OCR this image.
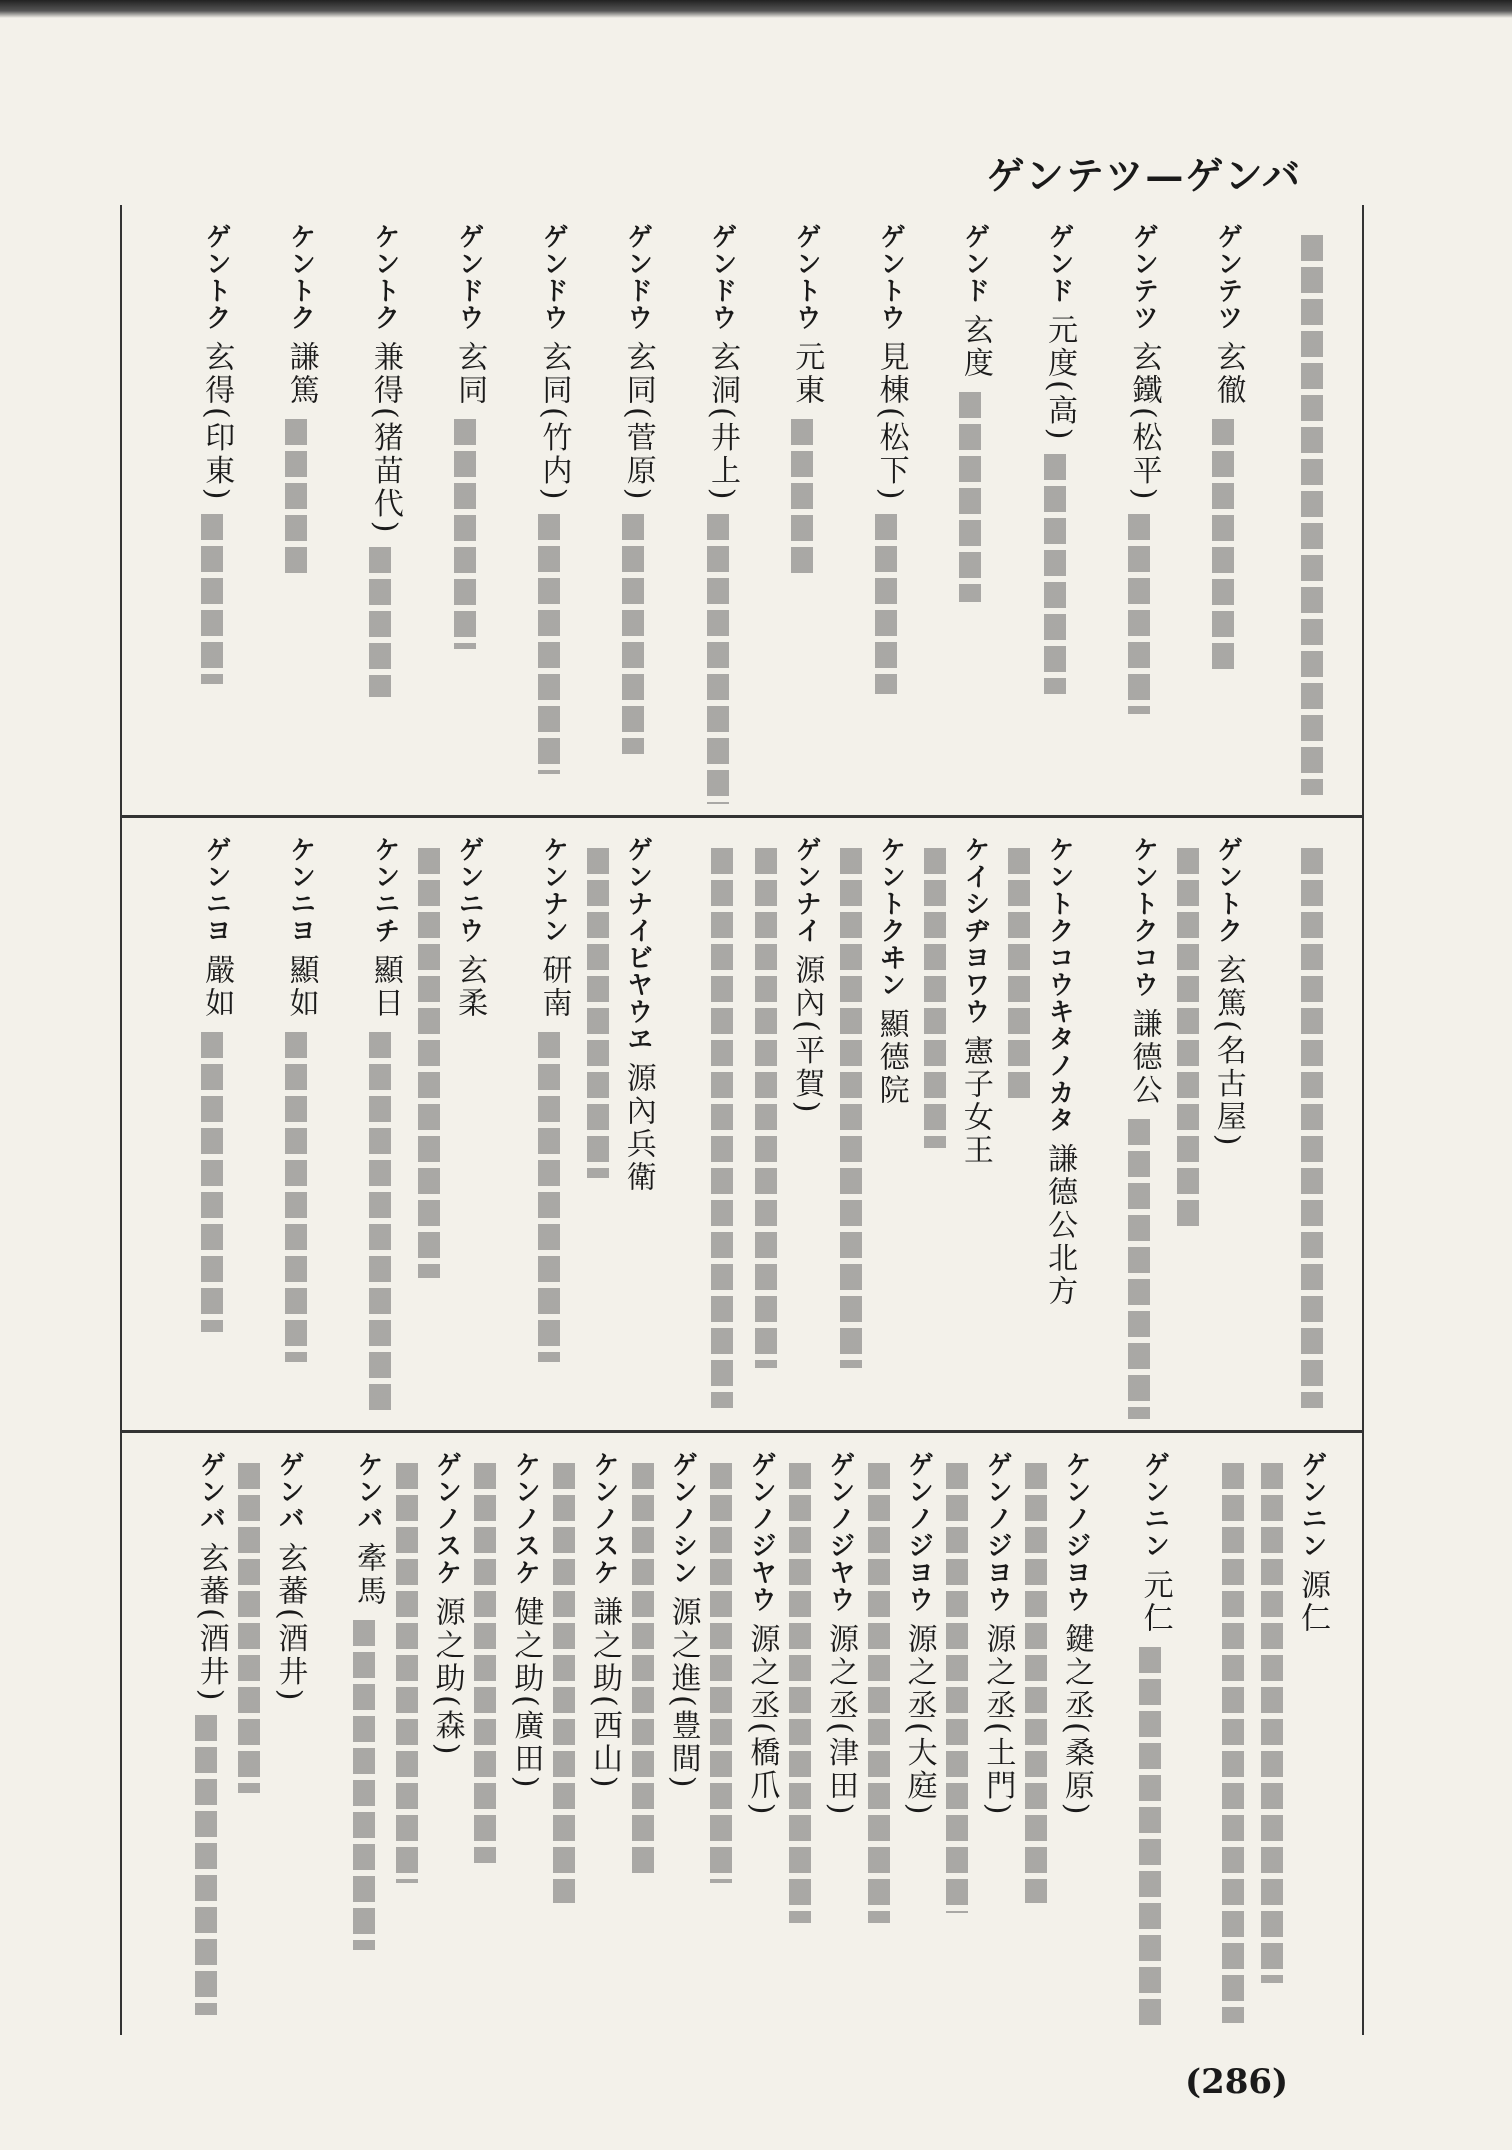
ゲンテツ—ゲンバ
ゲンテツ玄徹
ゲンテツ玄鐵(松平)
ゲンド元度(高)
ゲンド玄度
ゲントウ見棟(松下)
ゲントウ元東
ゲンドウ玄洞(井上)
ゲンドウ玄同(菅原)
ゲンドウ玄同(竹内)
ゲンドウ玄同
ケントク兼得(猪苗代)
ケントク謙篤
ゲントク玄得(印東)
ゲントク玄篤(名古屋)
ケントクコウ謙德公
ケントクコウキタノカタ謙德公北方
ケイシヂヨワウ憲子女王
ケントクヰン顯德院
ゲンナイ源內(平賀)
ゲンナイビヤウヱ源內兵衛
ケンナン研南
ゲンニウ玄柔
ケンニチ顯日
ケンニヨ顯如
ゲンニヨ嚴如
ゲンニン源仁
ゲンニン元仁
ケンノジヨウ鍵之丞(桑原)
ゲンノジヨウ源之丞(土門)
ゲンノジヨウ源之丞(大庭)
ゲンノジヤウ源之丞(津田)
ゲンノジヤウ源之丞(橋爪)
ゲンノシン源之進(豊間)
ケンノスケ謙之助(西山)
ケンノスケ健之助(廣田)
ゲンノスケ源之助(森)
ケンバ牽馬
ゲンバ玄蕃(酒井)
ゲンバ玄蕃(酒井)
(286)
